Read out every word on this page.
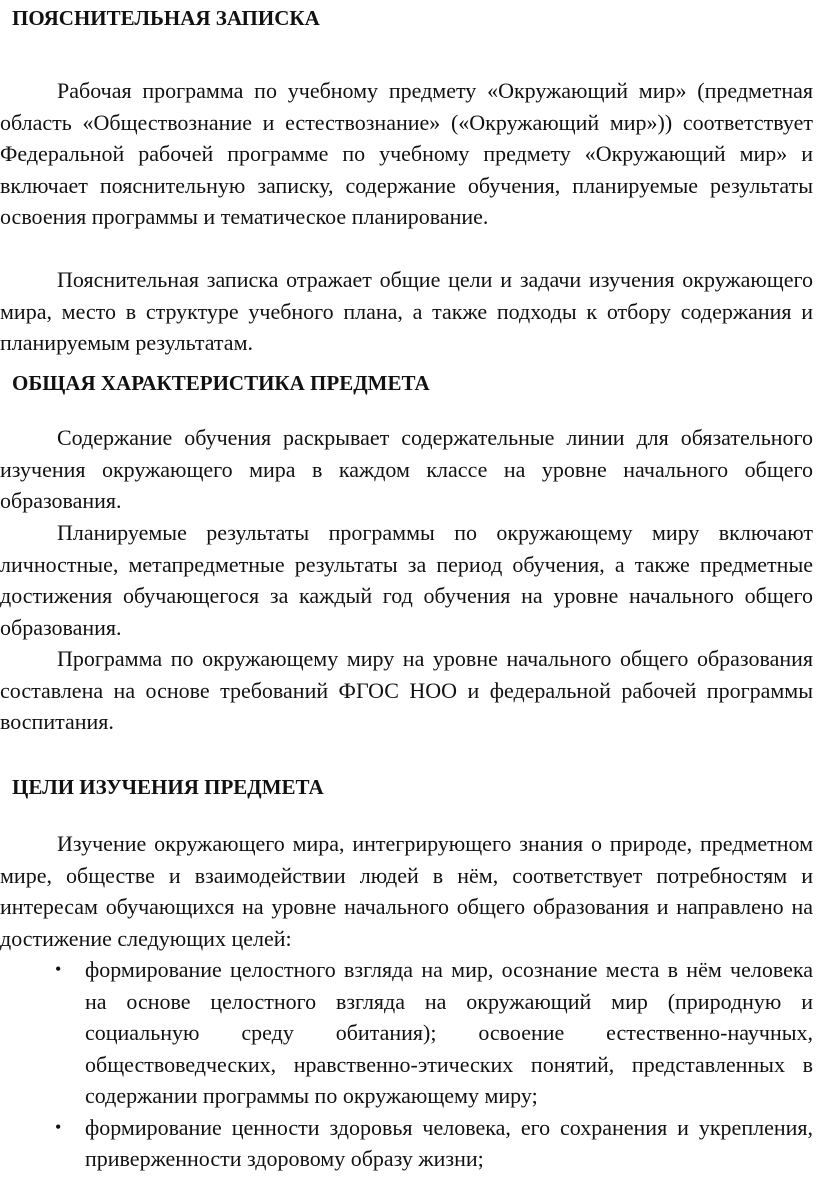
ПОЯСНИТЕЛЬНАЯ ЗАПИСКА

Рабочая программа по учебному предмету «Окружающий мир» (предметная область «Обществознание и естествознание» («Окружающий мир»)) соответствует Федеральной рабочей программе по учебному предмету «Окружающий мир» и включает пояснительную записку, содержание обучения, планируемые результаты освоения программы и тематическое планирование.

Пояснительная записка отражает общие цели и задачи изучения окружающего мира, место в структуре учебного плана, а также подходы к отбору содержания и планируемым результатам.

ОБЩАЯ ХАРАКТЕРИСТИКА ПРЕДМЕТА

Содержание обучения раскрывает содержательные линии для обязательного изучения окружающего мира в каждом классе на уровне начального общего образования.

Планируемые результаты программы по окружающему миру включают личностные, метапредметные результаты за период обучения, а также предметные достижения обучающегося за каждый год обучения на уровне начального общего образования.

Программа по окружающему миру на уровне начального общего образования составлена на основе требований ФГОС НОО и федеральной рабочей программы воспитания.

ЦЕЛИ ИЗУЧЕНИЯ ПРЕДМЕТА

Изучение окружающего мира, интегрирующего знания о природе, предметном мире, обществе и взаимодействии людей в нём, соответствует потребностям и интересам обучающихся на уровне начального общего образования и направлено на достижение следующих целей:

• формирование целостного взгляда на мир, осознание места в нём человека на основе целостного взгляда на окружающий мир (природную и социальную среду обитания); освоение естественно-научных, обществоведческих, нравственно-этических понятий, представленных в содержании программы по окружающему миру;
• формирование ценности здоровья человека, его сохранения и укрепления, приверженности здоровому образу жизни;
